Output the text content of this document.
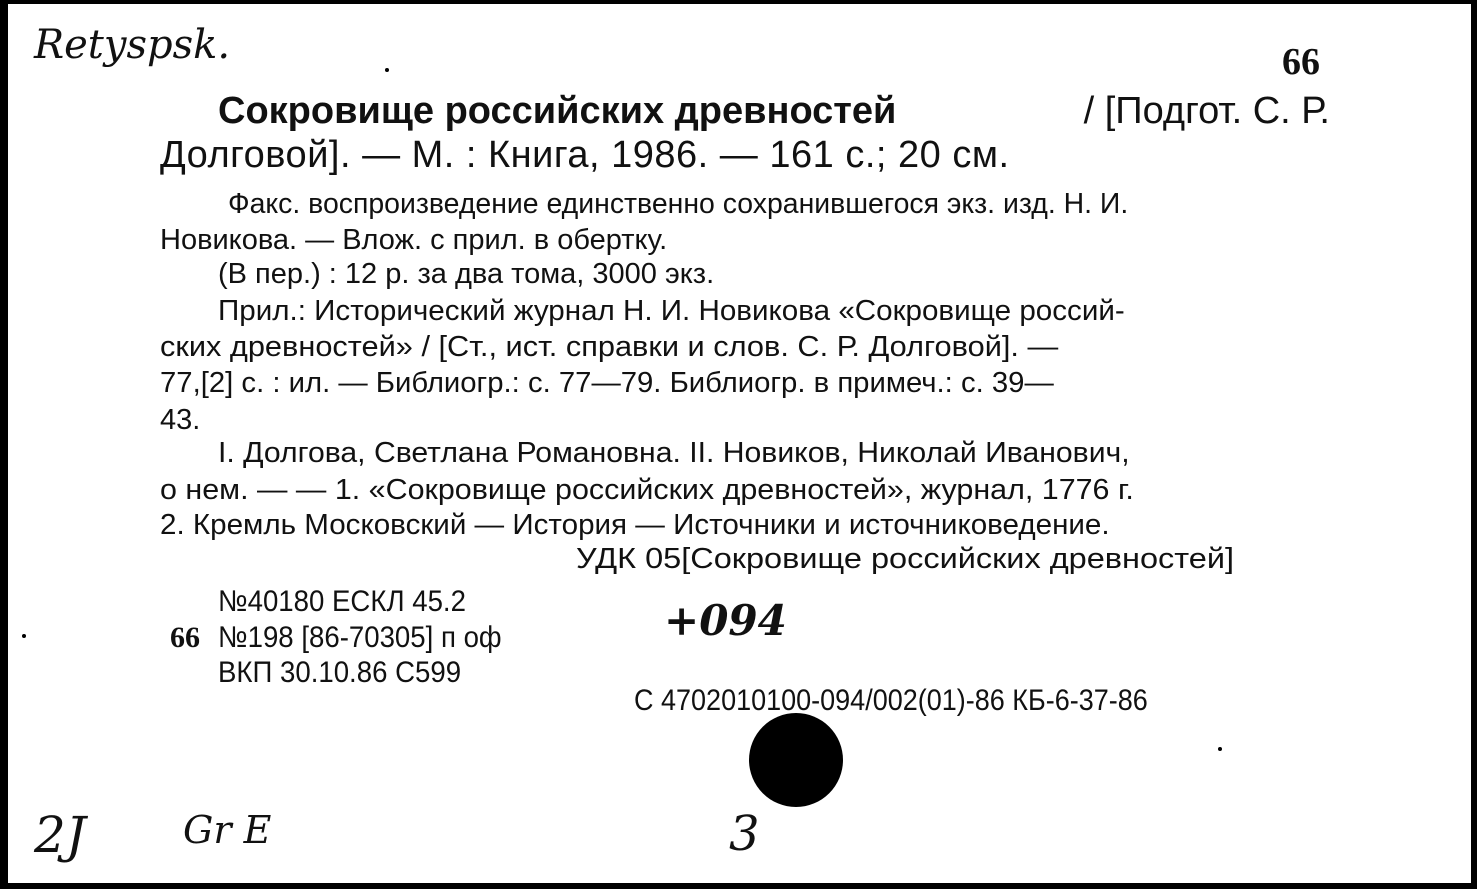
Retyspsk.
+094
2J	Gr E	3
66
Сокровище российских древностей	/ [Подгот. С. Р.
Долговой]. — М. : Книга, 1986. — 161 с.; 20 см.
Факс. воспроизведение единственно сохранившегося экз. изд. Н. И.
Новикова. — Влож. с прил. в обертку.
(В пер.) : 12 р. за два тома, 3000 экз.
Прил.: Исторический журнал Н. И. Новикова «Сокровище россий-
ских древностей» / [Ст., ист. справки и слов. С. Р. Долговой]. —
77,[2] с. : ил. — Библиогр.: с. 77—79. Библиогр. в примеч.: с. 39—
43.
I. Долгова, Светлана Романовна. II. Новиков, Николай Иванович,
о нем. — — 1. «Сокровище российских древностей», журнал, 1776 г.
2. Кремль Московский — История — Источники и источниковедение.
УДК 05[Сокровище российских древностей]
№40180 ЕСКЛ 45.2
66 №198 [86-70305] п оф
ВКП 30.10.86 С599
С 4702010100-094/002(01)-86 КБ-6-37-86
